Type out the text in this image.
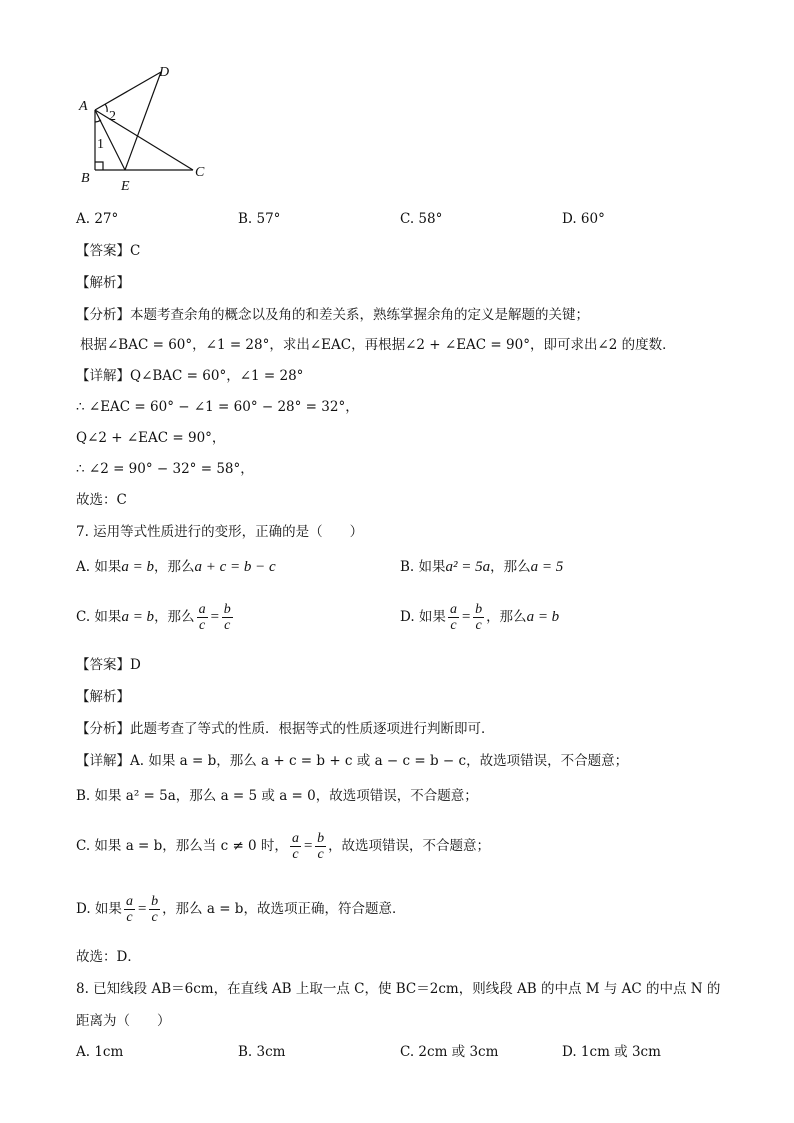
A
B	C
D
E
1
2
A. 27°	B. 57°	C. 58°	D. 60°
【答案】C
【解析】
【分析】本题考查余角的概念以及角的和差关系，熟练掌握余角的定义是解题的关键；
根据∠BAC = 60°，∠1 = 28°，求出∠EAC，再根据∠2 + ∠EAC = 90°，即可求出∠2 的度数．
【详解】Q∠BAC = 60°，∠1 = 28°
∴ ∠EAC = 60° − ∠1 = 60° − 28° = 32°，
Q∠2 + ∠EAC = 90°，
∴ ∠2 = 90° − 32° = 58°，
故选：C
7. 运用等式性质进行的变形，正确的是（　　）
A. 如果a = b，那么a + c = b − c	B. 如果a² = 5a，那么a = 5
C. 如果a = b，那么 $\frac{a}{c} = \frac{b}{c}$	D. 如果 $\frac{a}{c} = \frac{b}{c}$ ，那么a = b
【答案】D
【解析】
【分析】此题考查了等式的性质．根据等式的性质逐项进行判断即可．
【详解】A. 如果 a = b，那么 a + c = b + c 或 a − c = b − c，故选项错误，不合题意；
B. 如果 a² = 5a，那么 a = 5 或 a = 0，故选项错误，不合题意；
C. 如果 a = b，那么当 c ≠ 0 时， $\frac{a}{c} = \frac{b}{c}$ ，故选项错误，不合题意；
D. 如果 $\frac{a}{c} = \frac{b}{c}$ ，那么 a = b，故选项正确，符合题意．
故选：D．
8. 已知线段 AB＝6cm，在直线 AB 上取一点 C，使 BC＝2cm，则线段 AB 的中点 M 与 AC 的中点 N 的
距离为（　　）
A. 1cm	B. 3cm	C. 2cm 或 3cm	D. 1cm 或 3cm
